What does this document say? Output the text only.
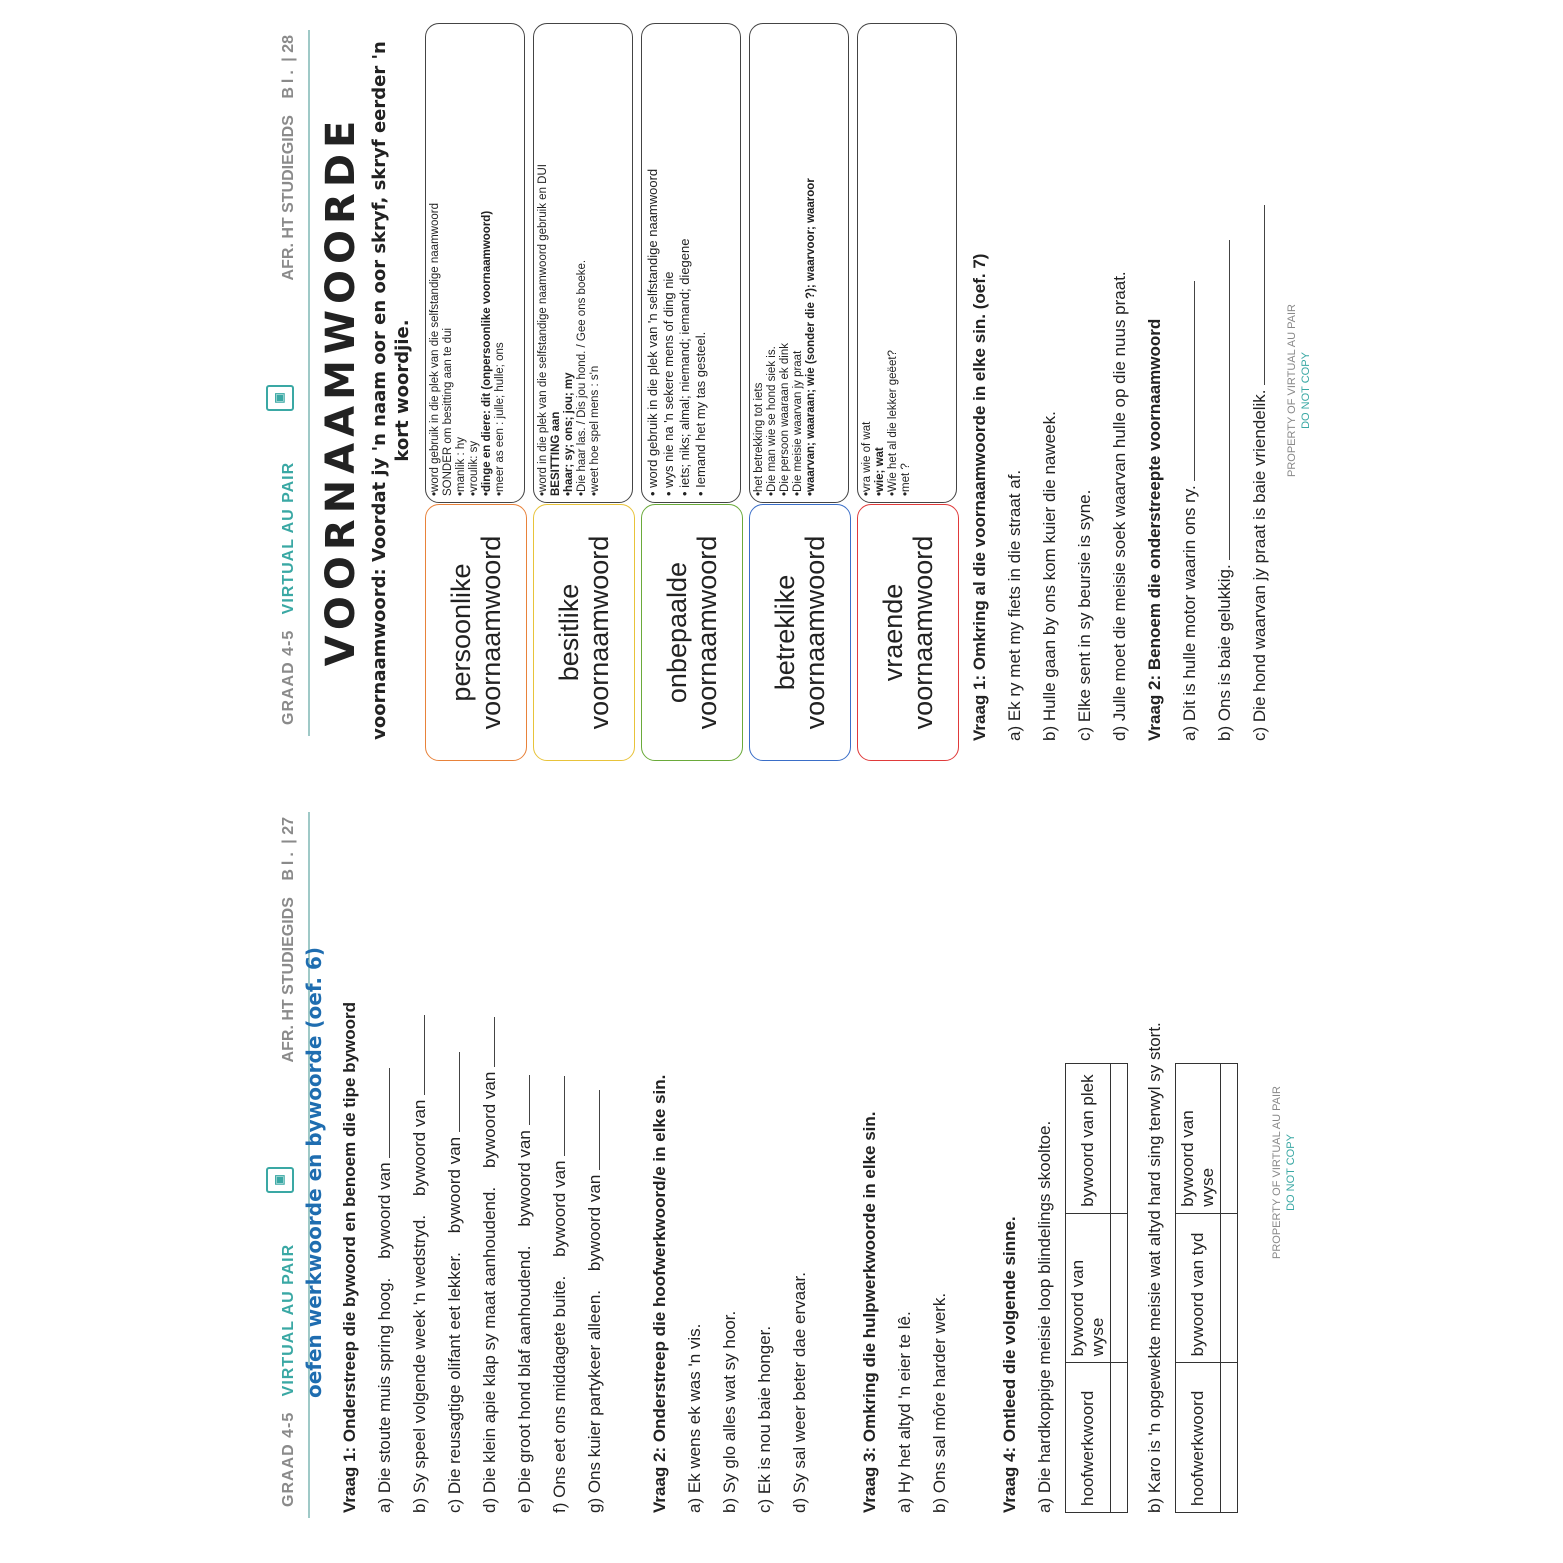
GRAAD 4-5 VIRTUAL AU PAIR
▣
AFR. HT STUDIEGIDS Bl. | 27
oefen werkwoorde en bywoorde (oef. 6) Vraag 1: Onderstreep die bywoord en benoem die tipe bywoord a) Die stoute muis spring hoog.    bywoord van
b) Sy speel volgende week 'n wedstryd.    bywoord van
c) Die reusagtige olifant eet lekker.    bywoord van
d) Die klein apie klap sy maat aanhoudend.    bywoord van
e) Die groot hond blaf aanhoudend.    bywoord van
f) Ons eet ons middagete buite.    bywoord van
g) Ons kuier partykeer alleen.    bywoord van	Vraag 2: Onderstreep die hoofwerkwoord/e in elke sin. a) Ek wens ek was 'n vis. b) Sy glo alles wat sy hoor. c) Ek is nou baie honger. d) Sy sal weer beter dae ervaar.	Vraag 3: Omkring die hulpwerkwoorde in elke sin. a) Hy het altyd 'n eier te lê. b) Ons sal môre harder werk.	Vraag 4: Ontleed die volgende sinne. a) Die hardkoppige meisie loop blindelings skooltoe. hoofwerkwoord	bywoord van wyse	bywoord van plek
			b) Karo is 'n opgewekte meisie wat altyd hard sing terwyl sy stort. hoofwerkwoord	bywoord van tyd	bywoord van wyse
			PROPERTY OF VIRTUAL AU PAIR DO NOT COPY
GRAAD 4-5 VIRTUAL AU PAIR
▣
AFR. HT STUDIEGIDS Bl. | 28
VOORNAAMWOORDE voornaamwoord: Voordat jy 'n naam oor en oor skryf, skryf eerder 'n kort woordjie.
persoonlike
voornaamwoord
•word gebruik in die plek van die selfstandige naamwoord SONDER om besitting aan te dui •manlik : hy •vroulik: sy •dinge en diere: dit (onpersoonlike voornaamwoord) •meer as een : julle; hulle; ons
besitlike
voornaamwoord
•word in die plek van die selfstandige naamwoord gebruik en DUI BESITTING aan •haar; sy; ons; jou; my •Die haar las. / Dis jou hond. / Gee ons boeke. •weet hoe spel mens : s'n
onbepaalde
voornaamwoord
• word gebruik in die plek van 'n selfstandige naamwoord • wys nie na 'n sekere mens of ding nie • iets; niks; almal; niemand; iemand; diegene • Iemand het my tas gesteel.
betreklike
voornaamwoord
•het betrekking tot iets •Die man wie se hond siek is. •Die persoon waaraan ek dink •Die meisie waarvan jy praat •waarvan; waaraan; wie (sonder die ?); waarvoor; waaroor
vraende
voornaamwoord
•vra wie of wat •wie; wat •Wie het al die lekker geëet? •met ?	Vraag 1: Omkring al die voornaamwoorde in elke sin. (oef. 7) a) Ek ry met my fiets in die straat af. b) Hulle gaan by ons kom kuier die naweek. c) Elke sent in sy beursie is syne. d) Julle moet die meisie soek waarvan hulle op die nuus praat. Vraag 2: Benoem die onderstreepte voornaamwoord a) Dit is hulle motor waarin ons ry. b) Ons is baie gelukkig. c) Die hond waarvan jy praat is baie vriendelik. PROPERTY OF VIRTUAL AU PAIR DO NOT COPY
